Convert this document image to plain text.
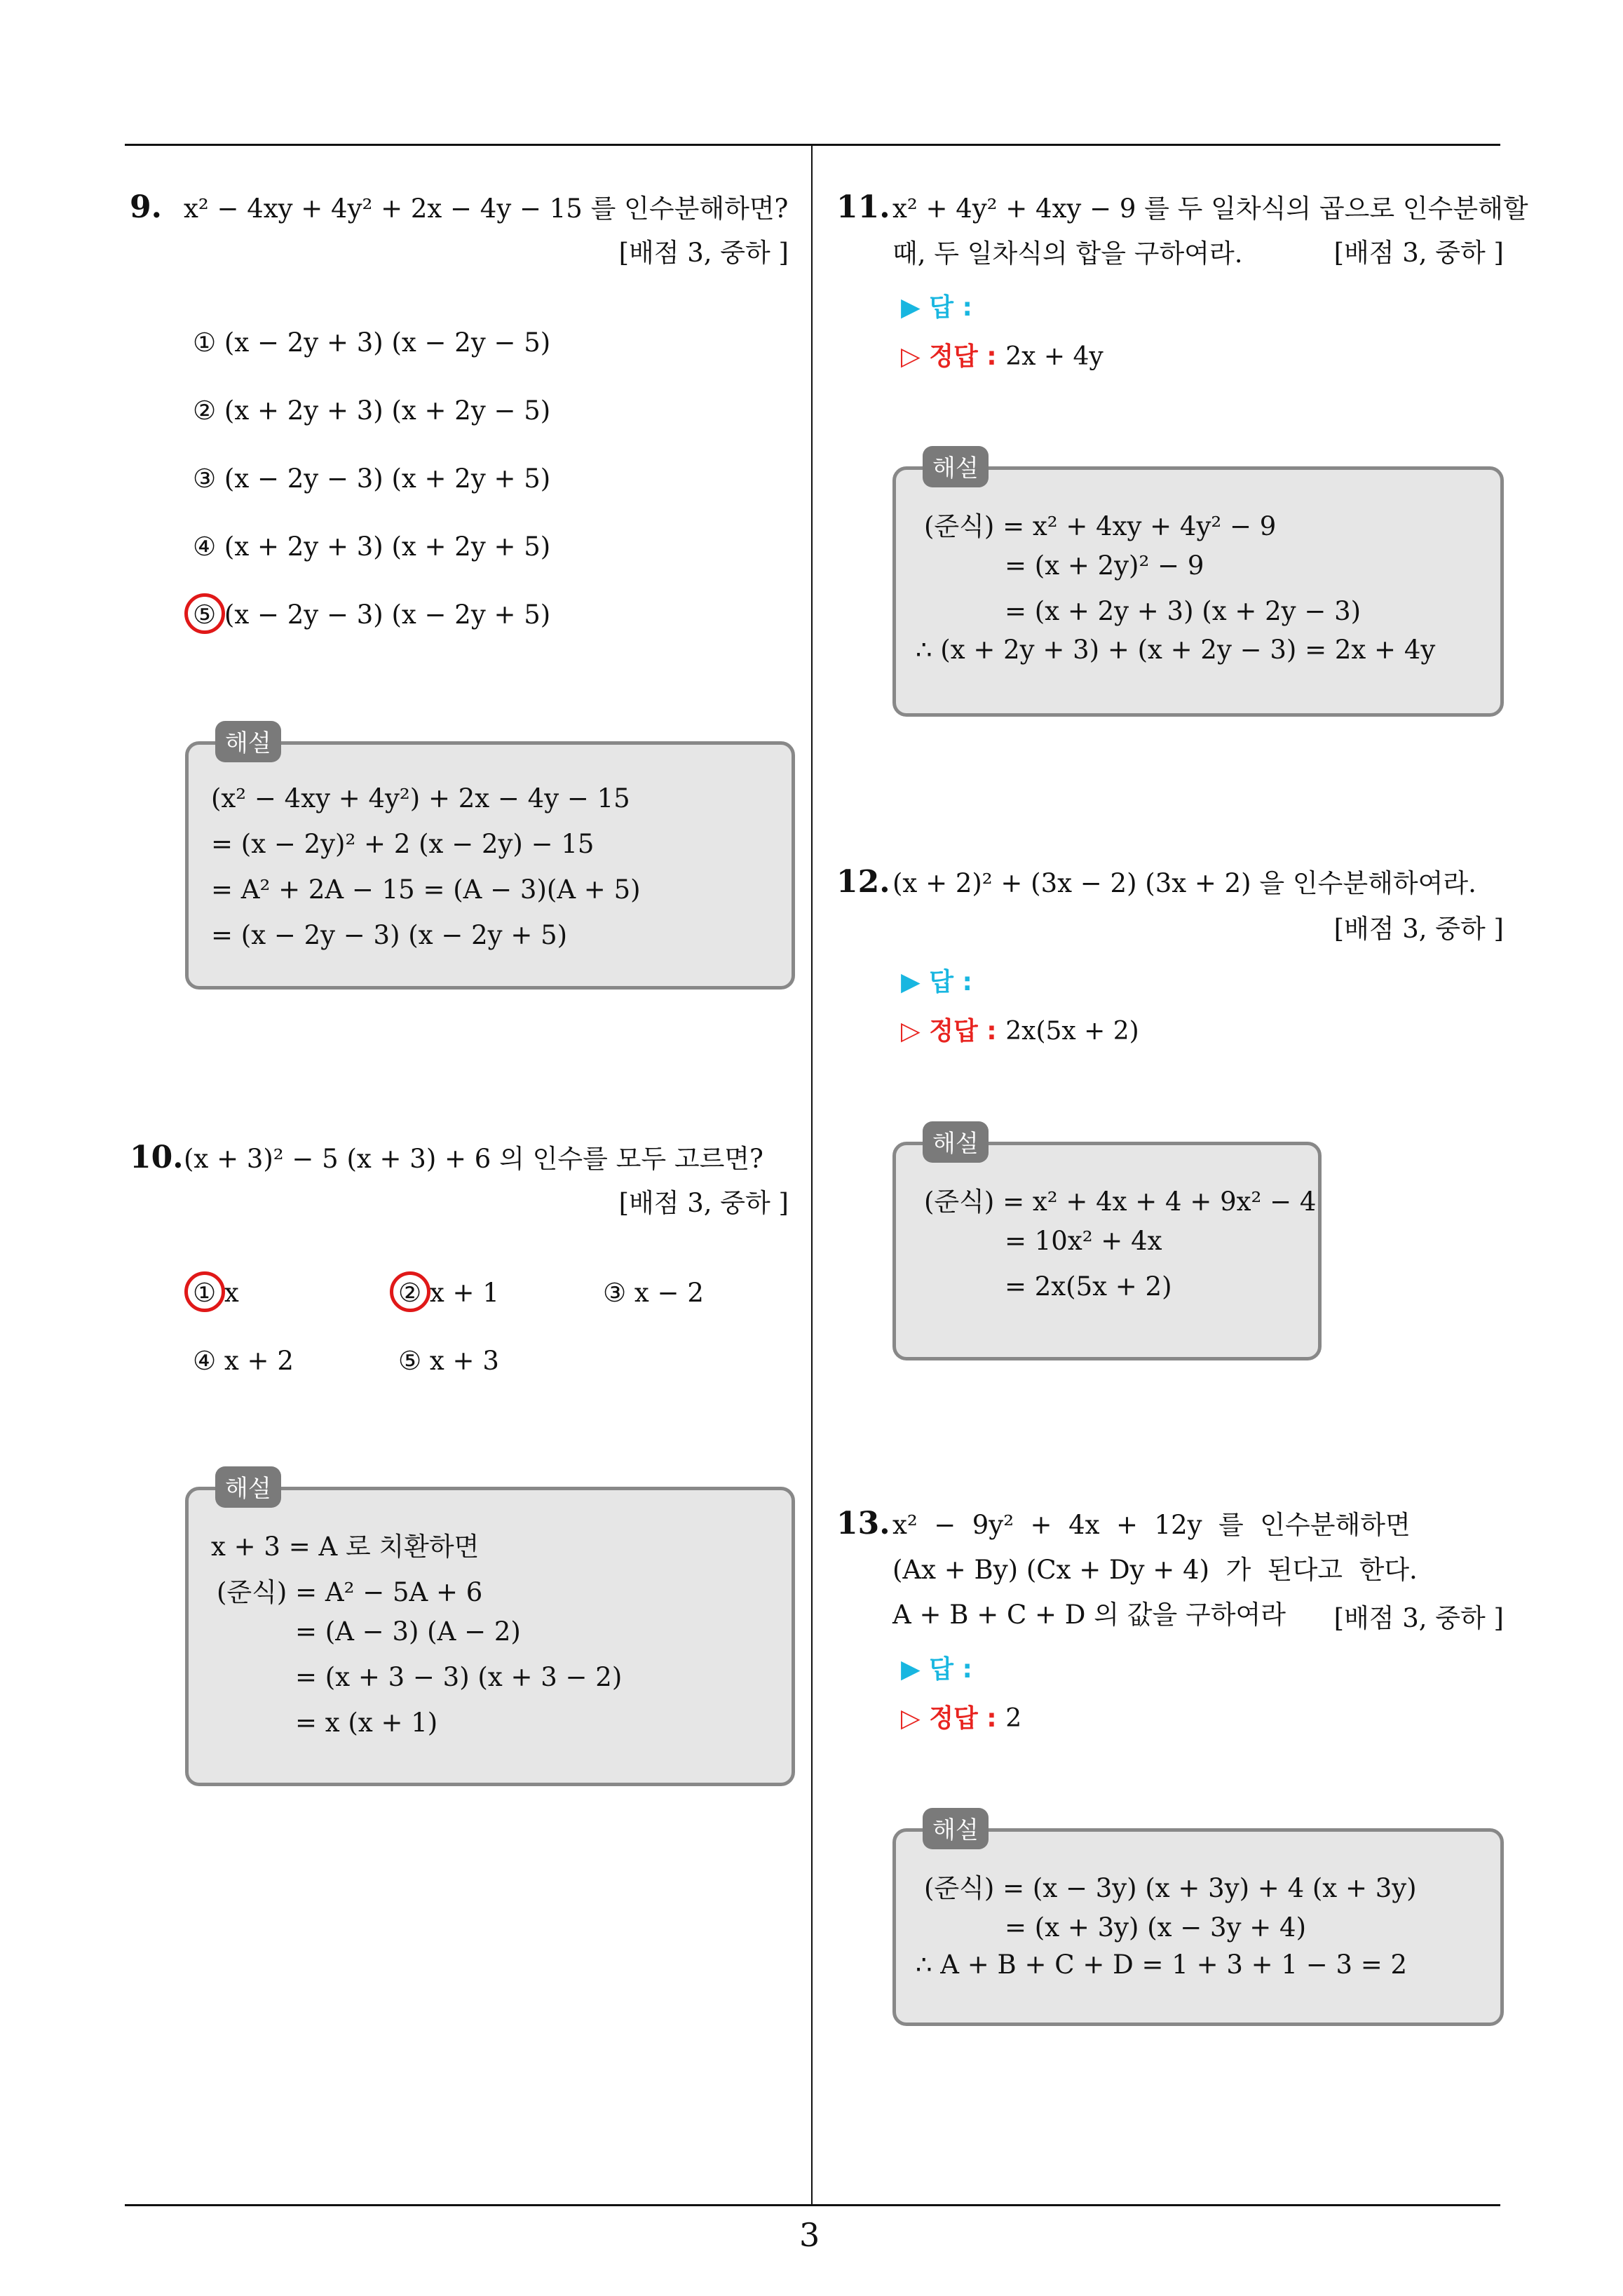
9. x² − 4xy + 4y² + 2x − 4y − 15 를 인수분해하면?
[배점 3, 중하 ]
① (x − 2y + 3) (x − 2y − 5)
② (x + 2y + 3) (x + 2y − 5)
③ (x − 2y − 3) (x + 2y + 5)
④ (x + 2y + 3) (x + 2y + 5)
⑤ (x − 2y − 3) (x − 2y + 5)
해설
(x² − 4xy + 4y²) + 2x − 4y − 15
= (x − 2y)² + 2 (x − 2y) − 15
= A² + 2A − 15 = (A − 3)(A + 5)
= (x − 2y − 3) (x − 2y + 5)
10. (x + 3)² − 5 (x + 3) + 6 의 인수를 모두 고르면?
[배점 3, 중하 ]
① x	② x + 1	③ x − 2
④ x + 2	⑤ x + 3
해설
x + 3 = A 로 치환하면
(준식) = A² − 5A + 6
= (A − 3) (A − 2)
= (x + 3 − 3) (x + 3 − 2)
= x (x + 1)
11. x² + 4y² + 4xy − 9 를 두 일차식의 곱으로 인수분해할
때, 두 일차식의 합을 구하여라.	[배점 3, 중하 ]
▶ 답 :
▷ 정답 : 2x + 4y
해설
(준식) = x² + 4xy + 4y² − 9
= (x + 2y)² − 9
= (x + 2y + 3) (x + 2y − 3)
∴ (x + 2y + 3) + (x + 2y − 3) = 2x + 4y
12. (x + 2)² + (3x − 2) (3x + 2) 을 인수분해하여라.
[배점 3, 중하 ]
▶ 답 :
▷ 정답 : 2x(5x + 2)
해설
(준식) = x² + 4x + 4 + 9x² − 4
= 10x² + 4x
= 2x(5x + 2)
13. x²  −  9y²  +  4x  +  12y  를  인수분해하면
(Ax + By) (Cx + Dy + 4)  가  된다고  한다.
A + B + C + D 의 값을 구하여라	[배점 3, 중하 ]
▶ 답 :
▷ 정답 : 2
해설
(준식) = (x − 3y) (x + 3y) + 4 (x + 3y)
= (x + 3y) (x − 3y + 4)
∴ A + B + C + D = 1 + 3 + 1 − 3 = 2
3
